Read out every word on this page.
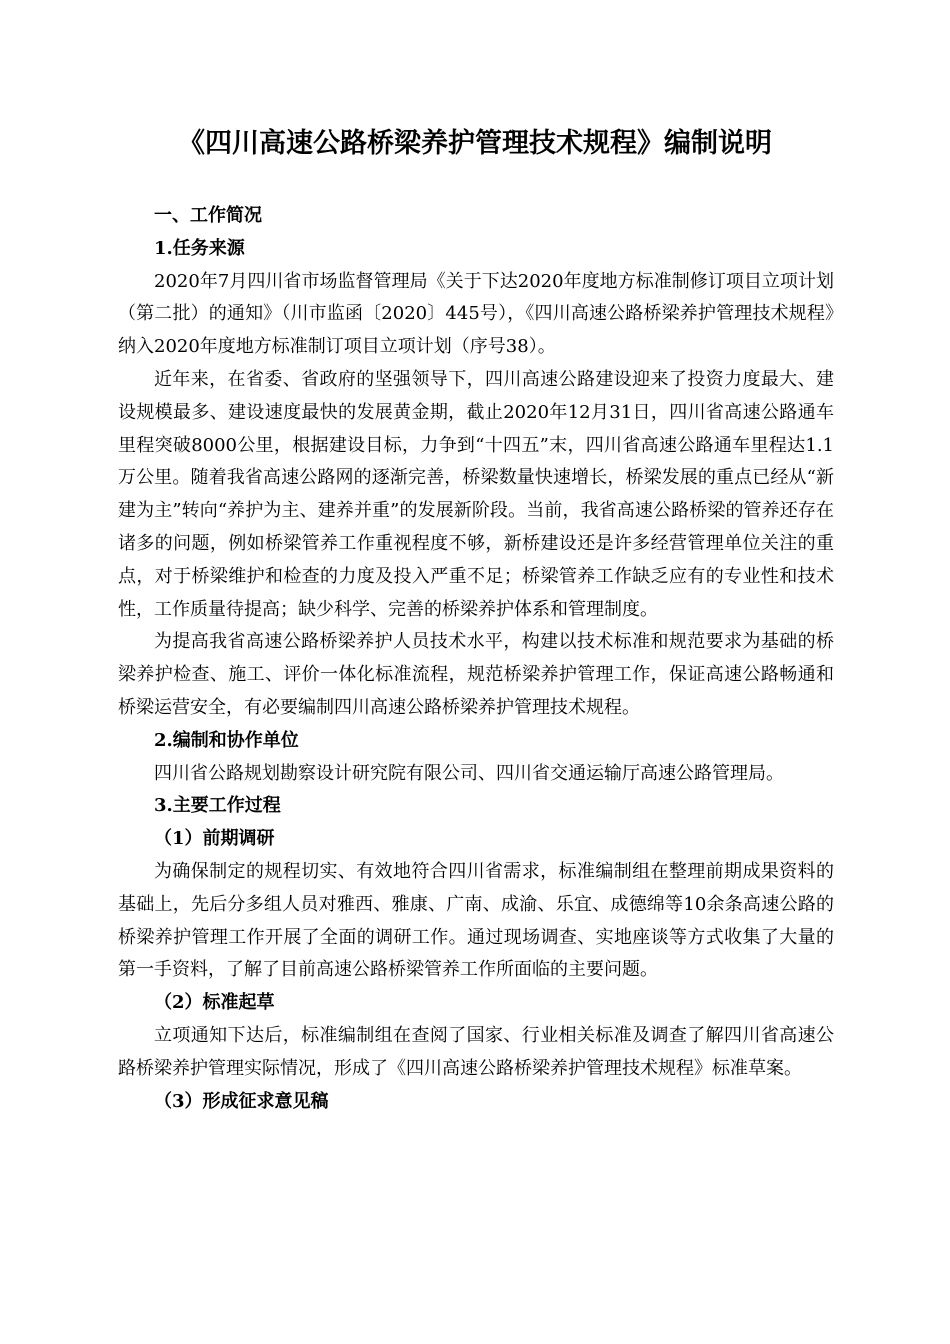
《四川高速公路桥梁养护管理技术规程》编制说明

一、工作简况

1.任务来源

2020年7月四川省市场监督管理局《关于下达2020年度地方标准制修订项目立项计划（第二批）的通知》（川市监函〔2020〕445号），《四川高速公路桥梁养护管理技术规程》纳入2020年度地方标准制订项目立项计划（序号38）。

近年来，在省委、省政府的坚强领导下，四川高速公路建设迎来了投资力度最大、建设规模最多、建设速度最快的发展黄金期，截止2020年12月31日，四川省高速公路通车里程突破8000公里，根据建设目标，力争到“十四五”末，四川省高速公路通车里程达1.1万公里。随着我省高速公路网的逐渐完善，桥梁数量快速增长，桥梁发展的重点已经从“新建为主”转向“养护为主、建养并重”的发展新阶段。当前，我省高速公路桥梁的管养还存在诸多的问题，例如桥梁管养工作重视程度不够，新桥建设还是许多经营管理单位关注的重点，对于桥梁维护和检查的力度及投入严重不足；桥梁管养工作缺乏应有的专业性和技术性，工作质量待提高；缺少科学、完善的桥梁养护体系和管理制度。

为提高我省高速公路桥梁养护人员技术水平，构建以技术标准和规范要求为基础的桥梁养护检查、施工、评价一体化标准流程，规范桥梁养护管理工作，保证高速公路畅通和桥梁运营安全，有必要编制四川高速公路桥梁养护管理技术规程。

2.编制和协作单位

四川省公路规划勘察设计研究院有限公司、四川省交通运输厅高速公路管理局。

3.主要工作过程

（1）前期调研

为确保制定的规程切实、有效地符合四川省需求，标准编制组在整理前期成果资料的基础上，先后分多组人员对雅西、雅康、广南、成渝、乐宜、成德绵等10余条高速公路的桥梁养护管理工作开展了全面的调研工作。通过现场调查、实地座谈等方式收集了大量的第一手资料，了解了目前高速公路桥梁管养工作所面临的主要问题。

（2）标准起草

立项通知下达后，标准编制组在查阅了国家、行业相关标准及调查了解四川省高速公路桥梁养护管理实际情况，形成了《四川高速公路桥梁养护管理技术规程》标准草案。

（3）形成征求意见稿
